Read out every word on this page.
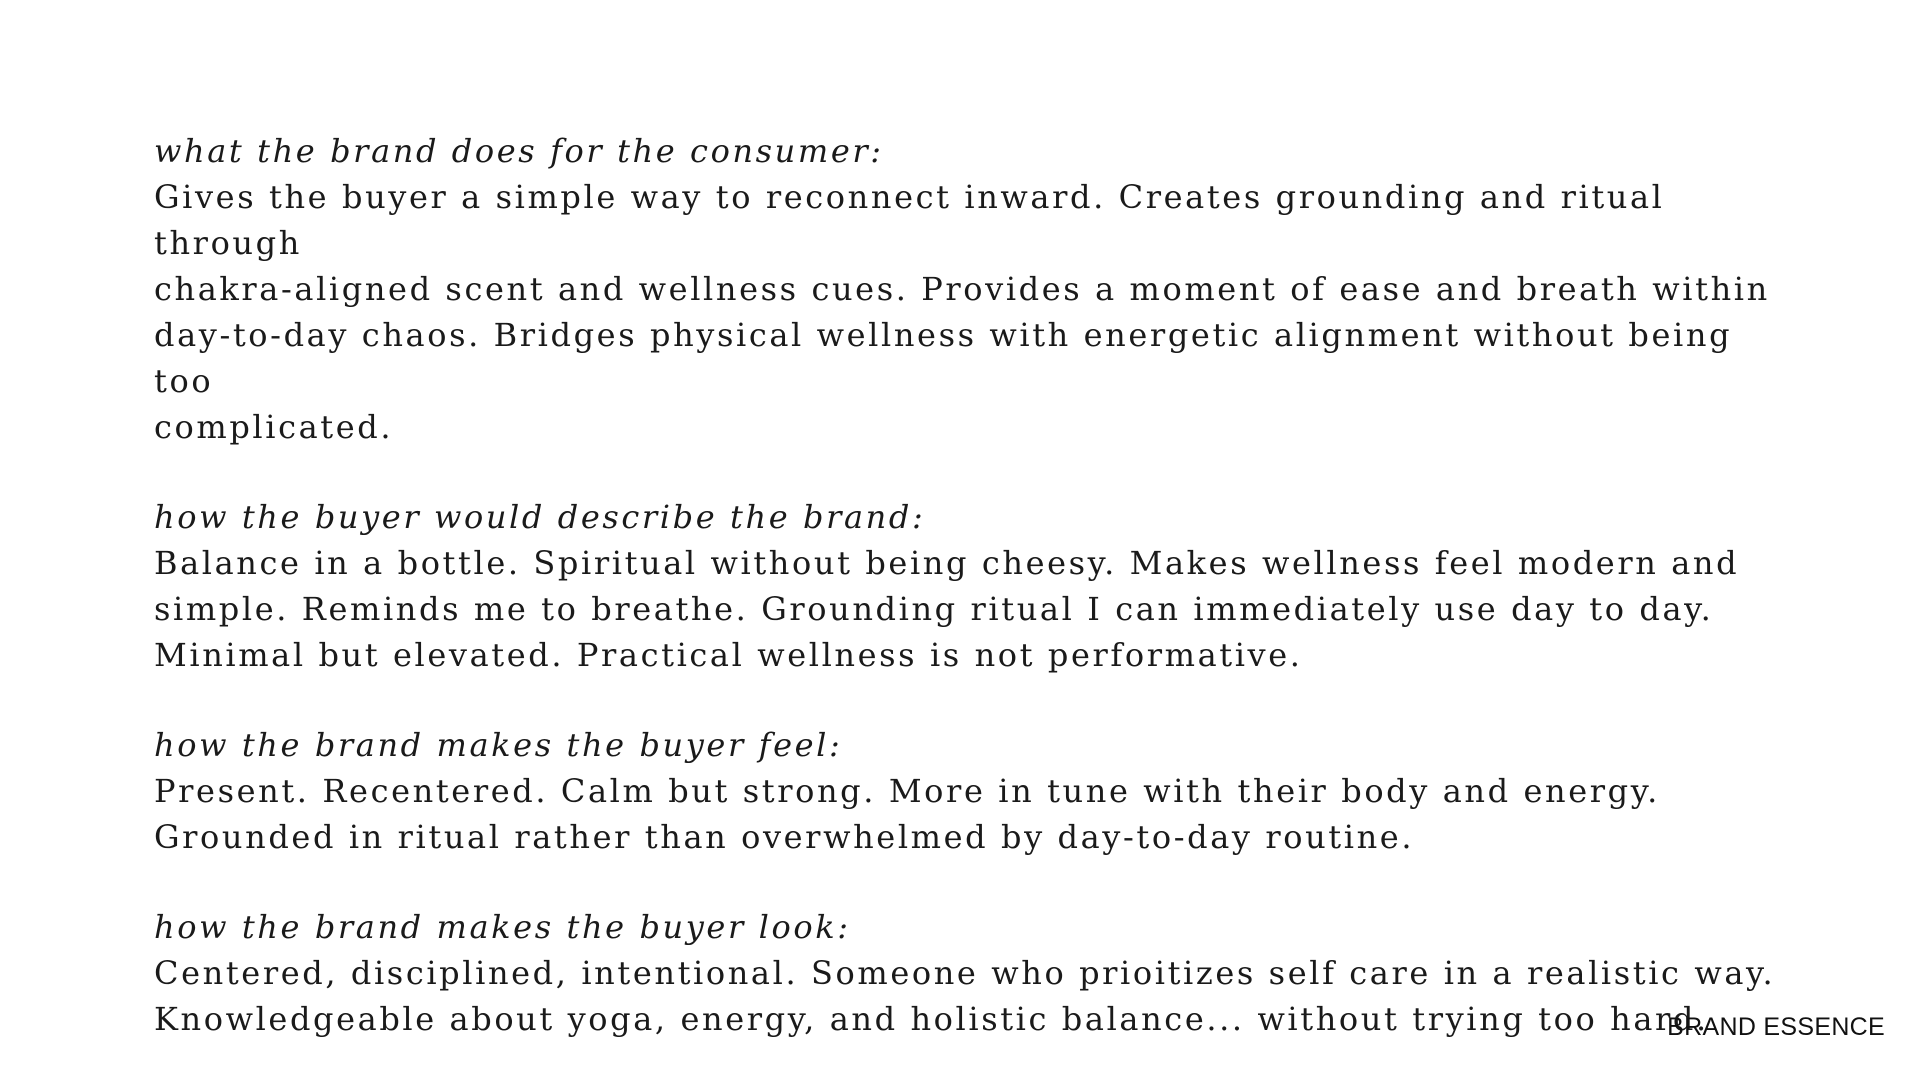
what the brand does for the consumer:

Gives the buyer a simple way to reconnect inward. Creates grounding and ritual through
chakra-aligned scent and wellness cues. Provides a moment of ease and breath within
day-to-day chaos. Bridges physical wellness with energetic alignment without being too
complicated.

how the buyer would describe the brand:

Balance in a bottle. Spiritual without being cheesy. Makes wellness feel modern and
simple. Reminds me to breathe. Grounding ritual I can immediately use day to day.
Minimal but elevated. Practical wellness is not performative.

how the brand makes the buyer feel:

Present. Recentered. Calm but strong. More in tune with their body and energy.
Grounded in ritual rather than overwhelmed by day-to-day routine.

how the brand makes the buyer look:

Centered, disciplined, intentional. Someone who prioitizes self care in a realistic way.
Knowledgeable about yoga, energy, and holistic balance... without trying too hard.
BRAND ESSENCE
